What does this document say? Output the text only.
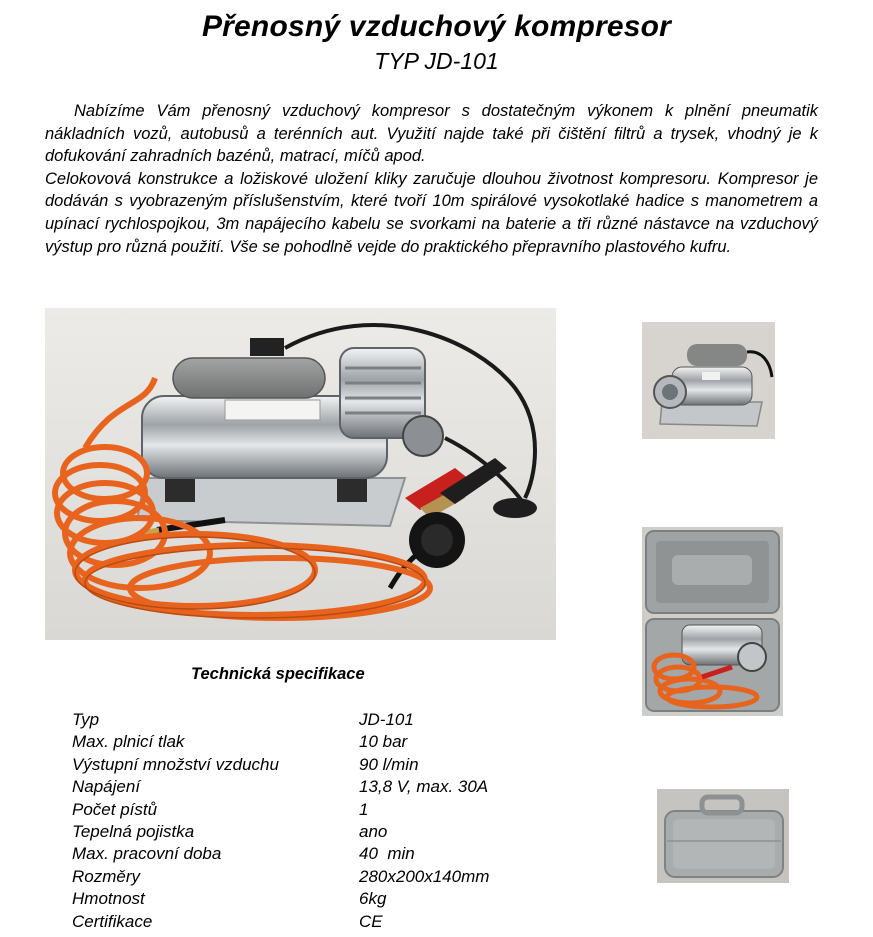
Přenosný vzduchový kompresor
TYP JD-101

Nabízíme Vám přenosný vzduchový kompresor s dostatečným výkonem k plnění pneumatik nákladních vozů, autobusů a terénních aut. Využití najde také při čištění filtrů a trysek, vhodný je k dofukování zahradních bazénů, matrací, míčů apod.

Celokovová konstrukce a ložiskové uložení kliky zaručuje dlouhou životnost kompresoru. Kompresor je dodáván s vyobrazeným příslušenstvím, které tvoří 10m spirálové vysokotlaké hadice s manometrem a upínací rychlospojkou, 3m napájecího kabelu se svorkami na baterie a tři různé nástavce na vzduchový výstup pro různá použití. Vše se pohodlně vejde do praktického přepravního plastového kufru.

Technická specifikace
Typ	JD-101
Max. plnicí tlak	10 bar
Výstupní množství vzduchu	90 l/min
Napájení	13,8 V, max. 30A
Počet pístů	1
Tepelná pojistka	ano
Max. pracovní doba	40  min
Rozměry	280x200x140mm
Hmotnost	6kg
Certifikace	CE
